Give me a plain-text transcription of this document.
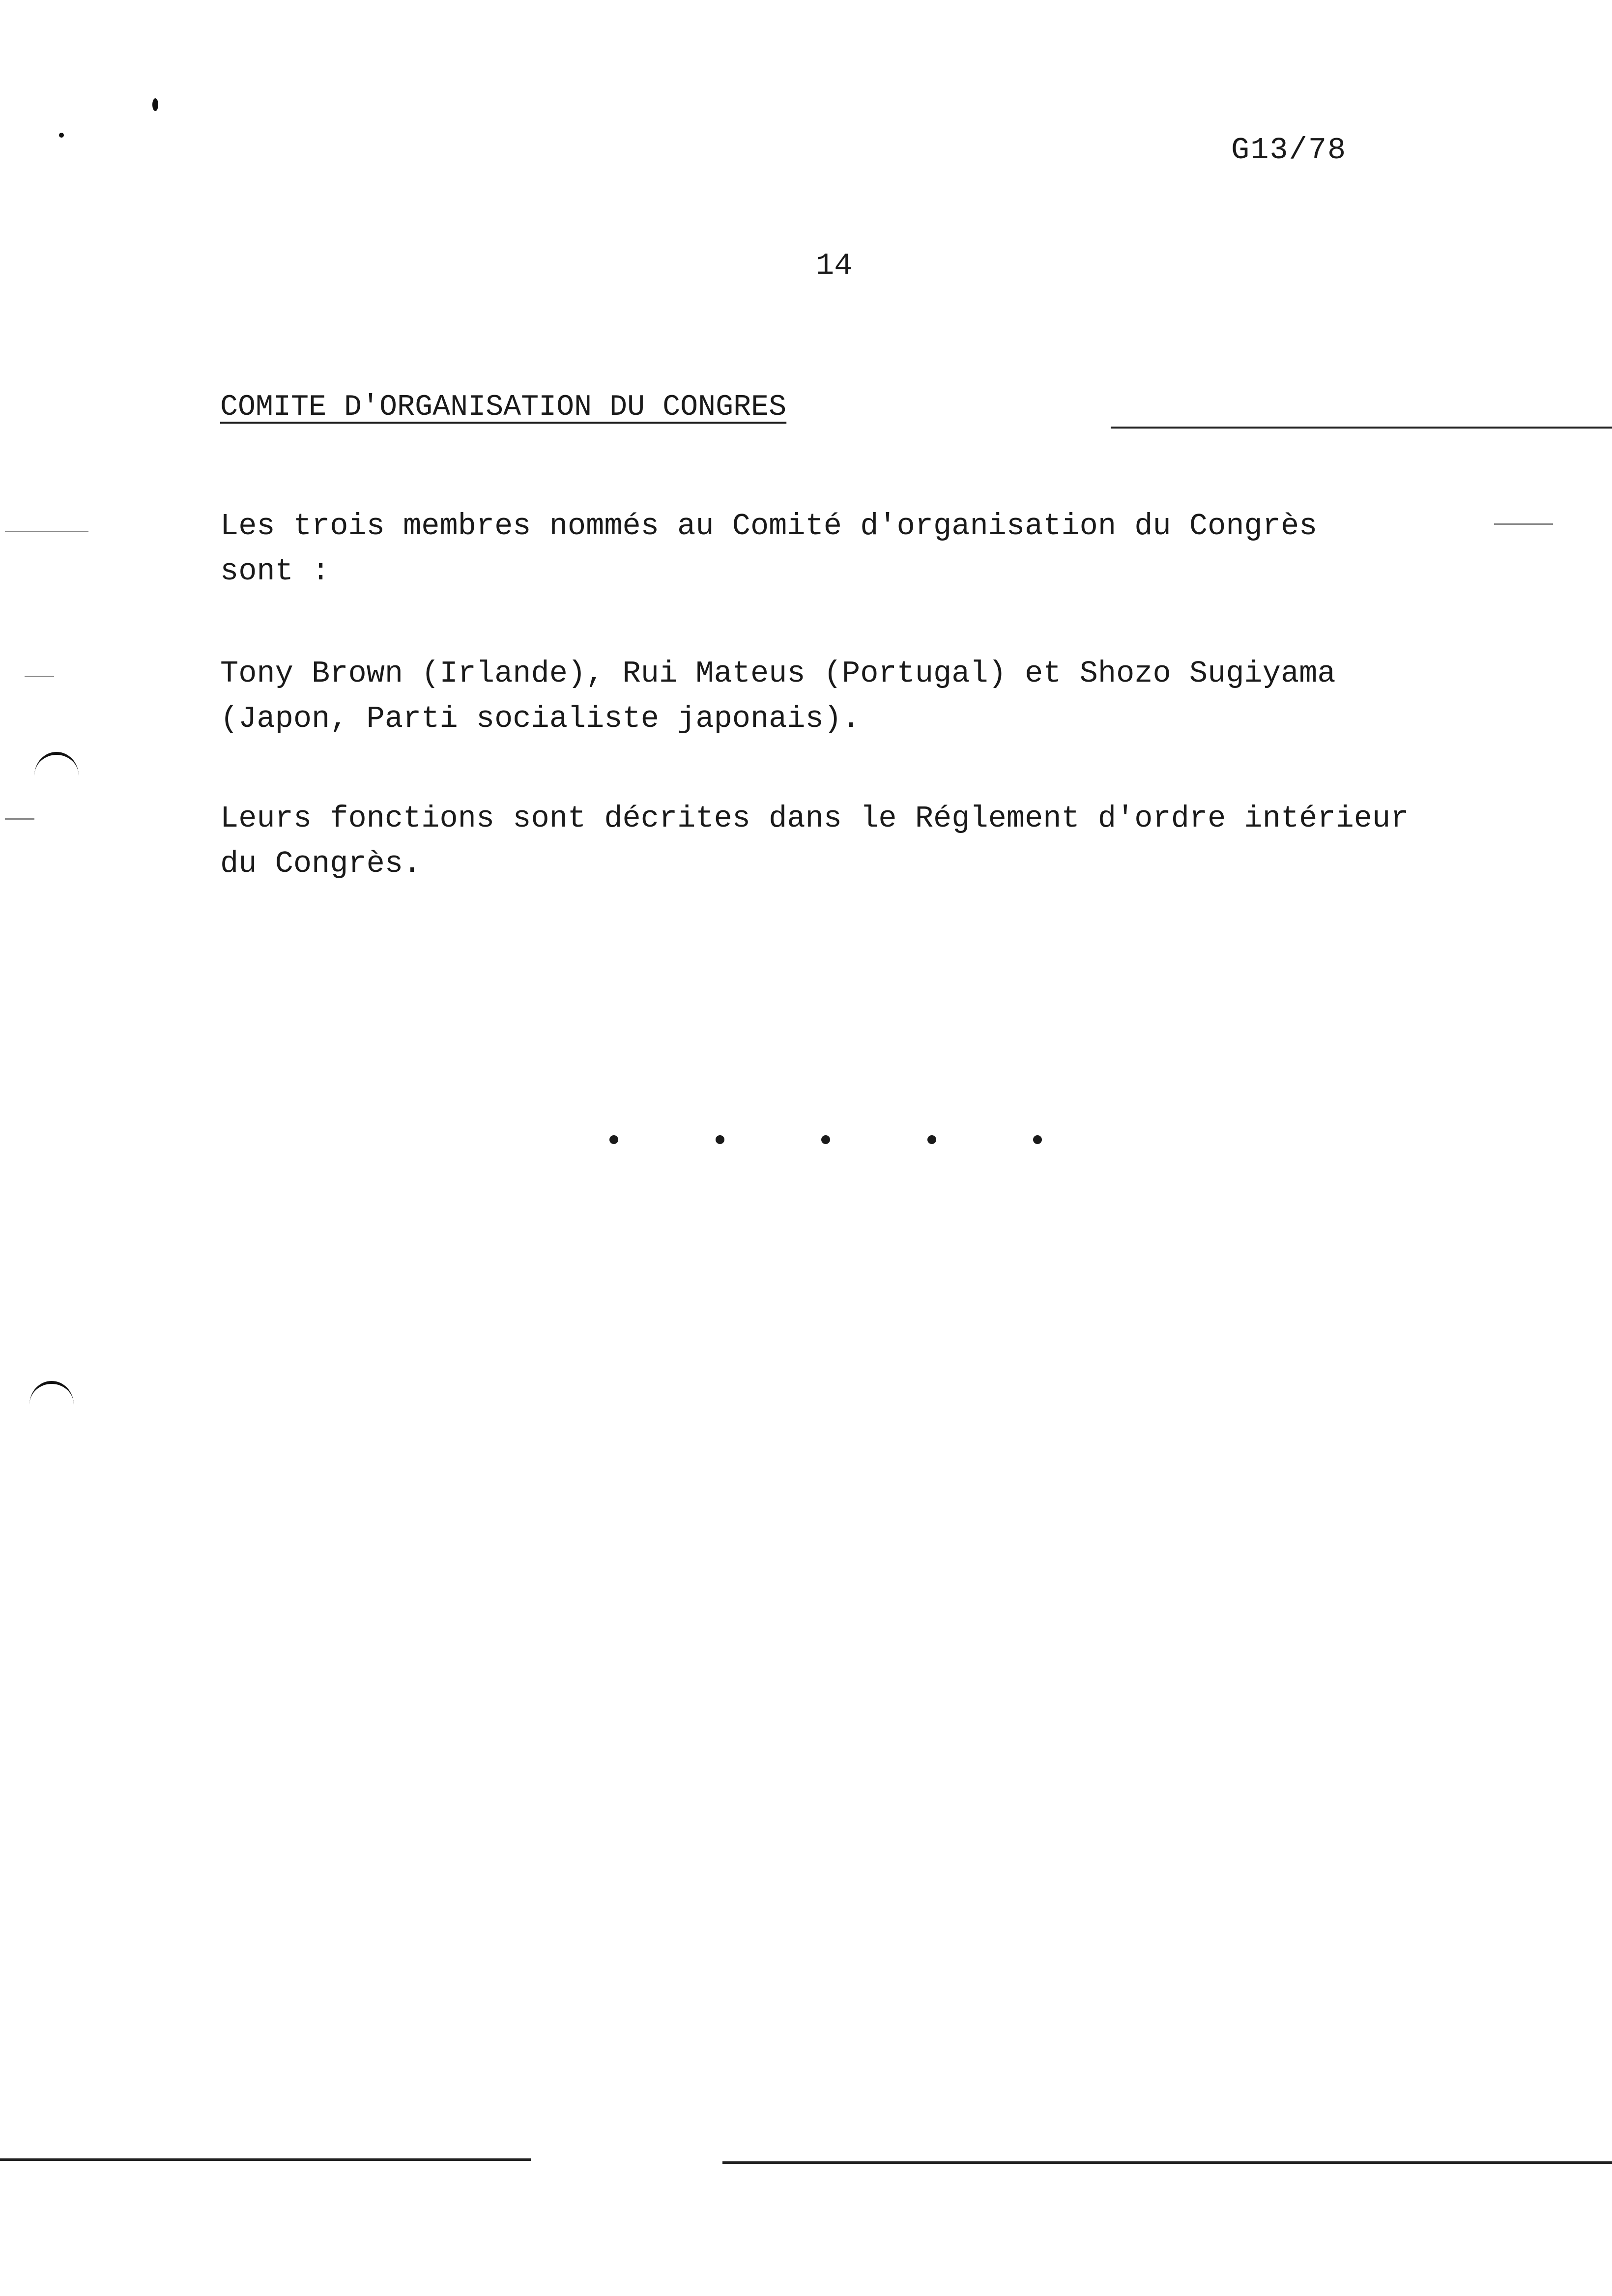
G13/78
14
COMITE D'ORGANISATION DU CONGRES
Les trois membres nommés au Comité d'organisation du Congrès
sont :
Tony Brown (Irlande), Rui Mateus (Portugal) et Shozo Sugiyama
(Japon, Parti socialiste japonais).
Leurs fonctions sont décrites dans le Réglement d'ordre intérieur
du Congrès.
